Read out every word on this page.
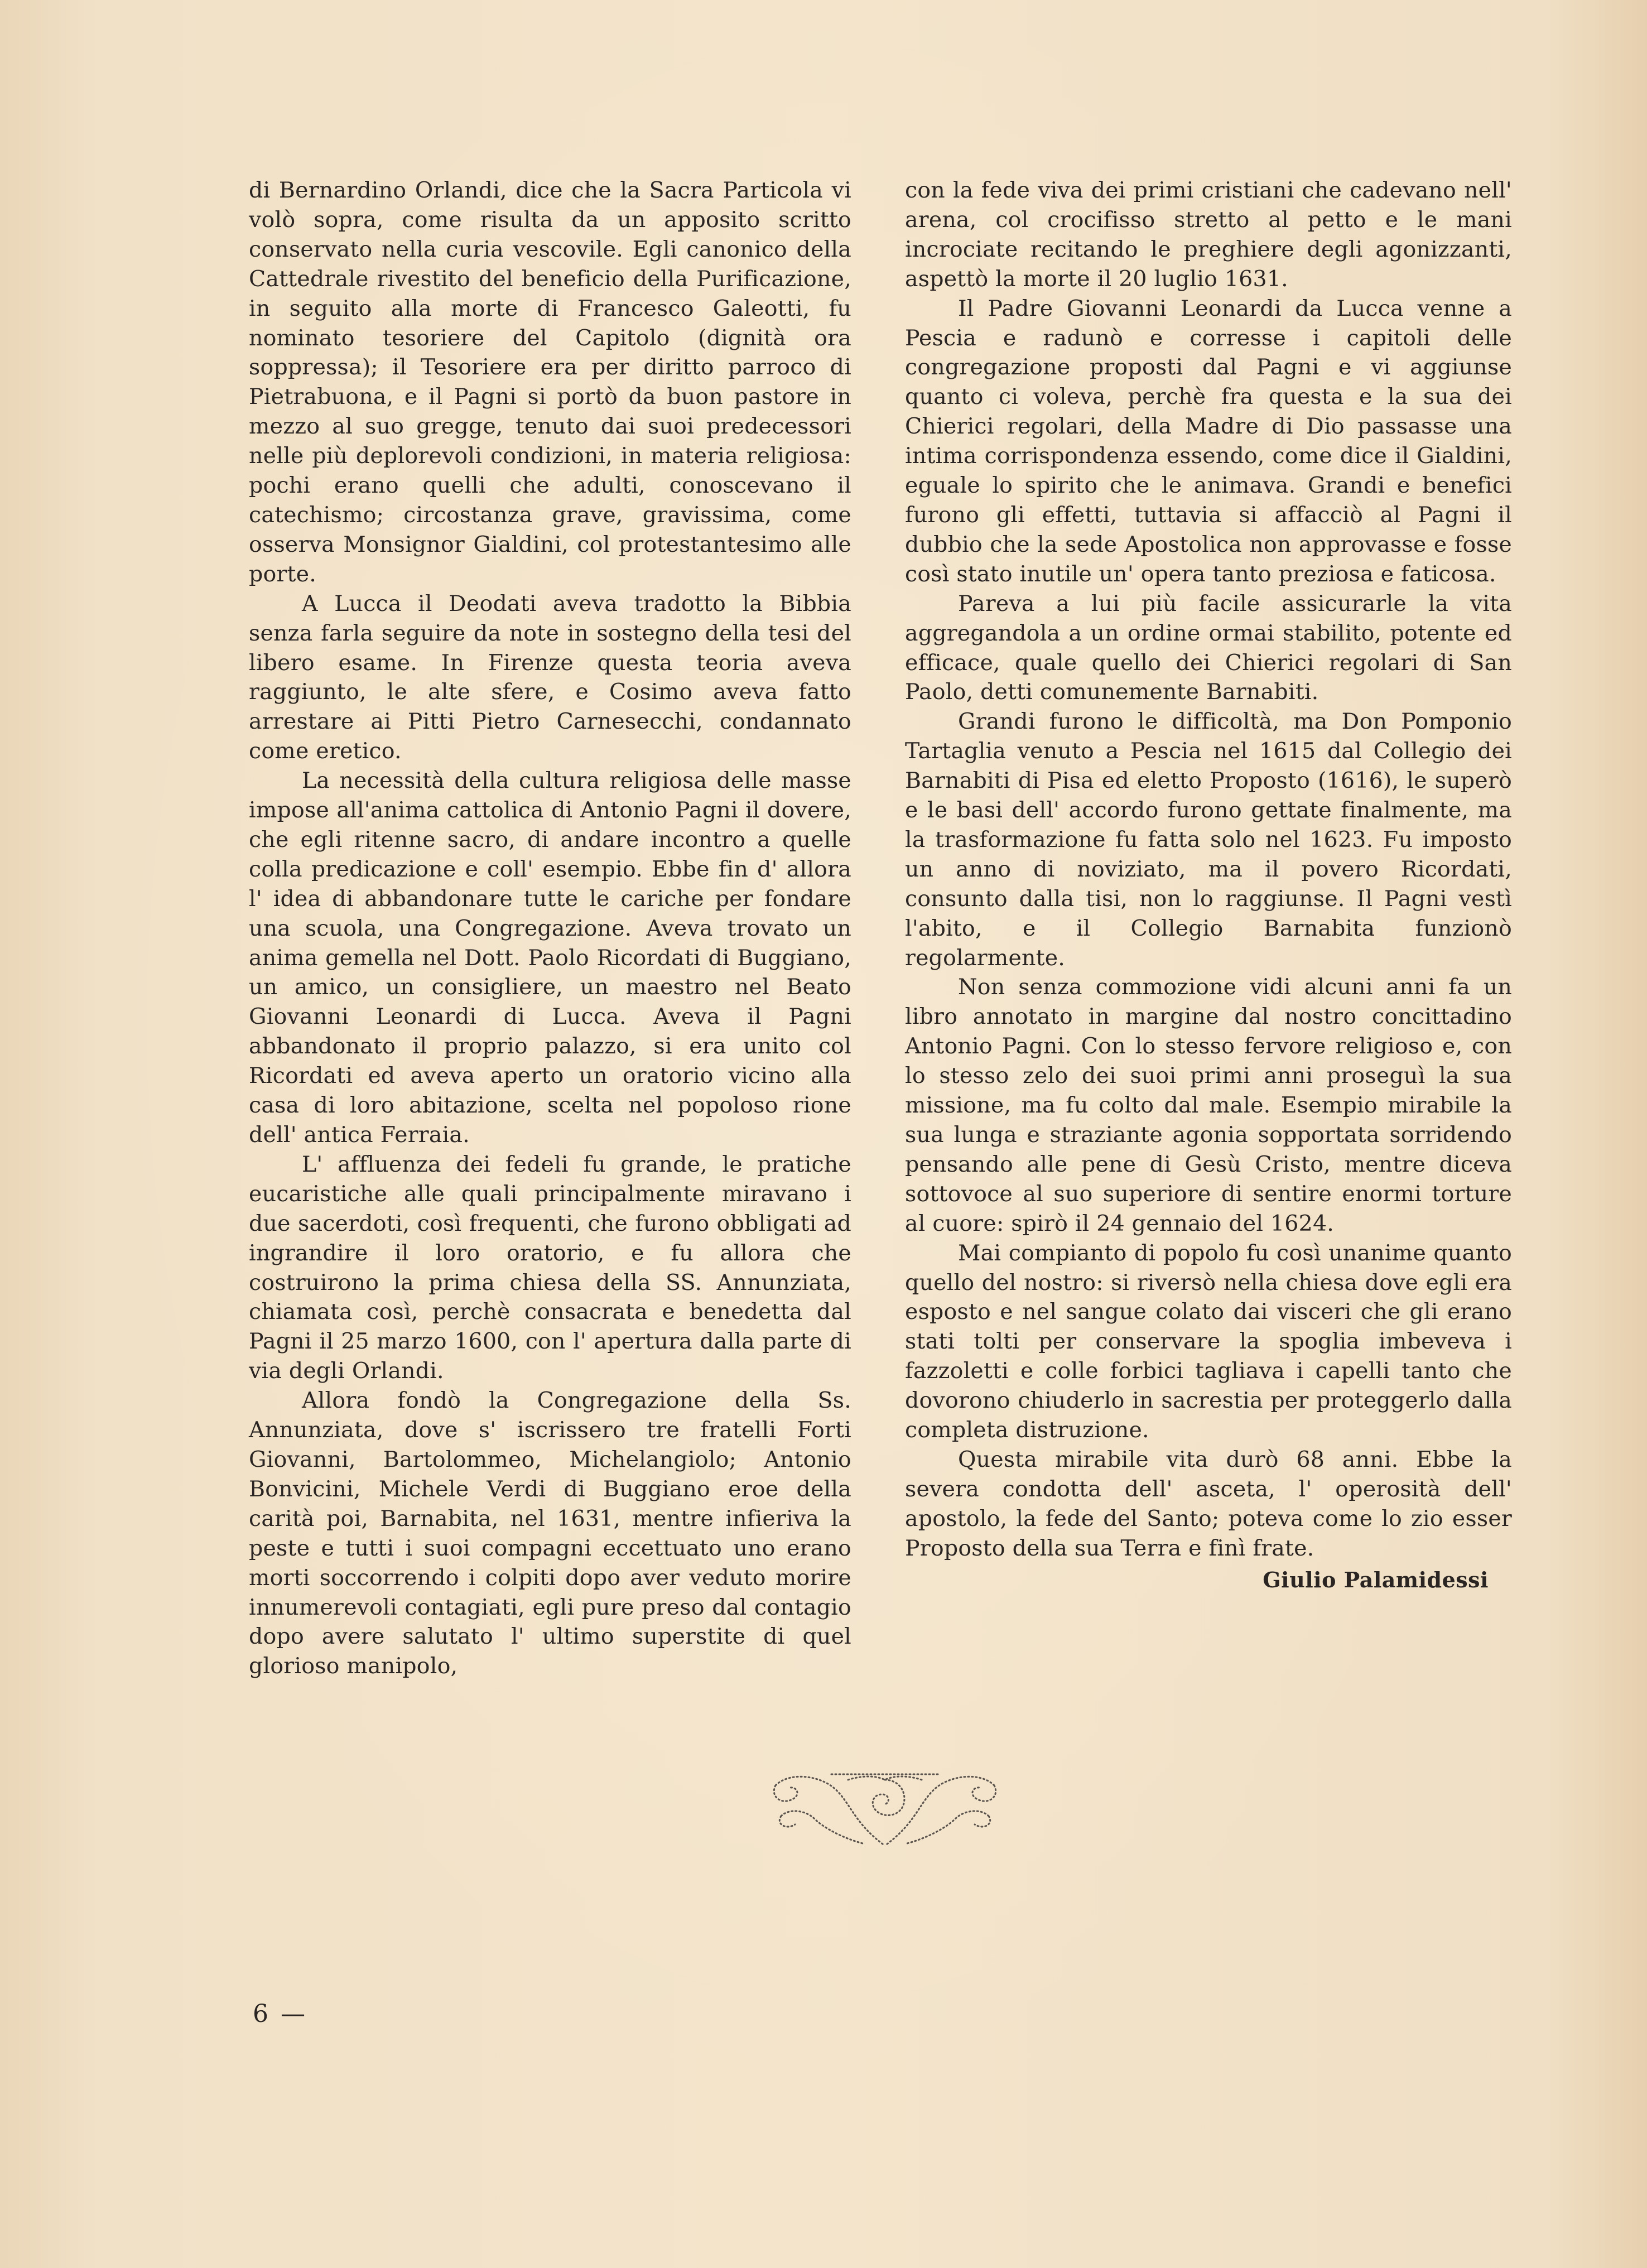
di Bernardino Orlandi, dice che la Sacra Particola vi volò sopra, come risulta da un apposito scritto conservato nella curia vescovile. Egli canonico della Cattedrale rivestito del beneficio della Purificazione, in seguito alla morte di Francesco Galeotti, fu nominato tesoriere del Capitolo (dignità ora soppressa); il Tesoriere era per diritto parroco di Pietrabuona, e il Pagni si portò da buon pastore in mezzo al suo gregge, tenuto dai suoi predecessori nelle più deplorevoli condizioni, in materia religiosa: pochi erano quelli che adulti, conoscevano il catechismo; circostanza grave, gravissima, come osserva Monsignor Gialdini, col protestantesimo alle porte.

A Lucca il Deodati aveva tradotto la Bibbia senza farla seguire da note in sostegno della tesi del libero esame. In Firenze questa teoria aveva raggiunto, le alte sfere, e Cosimo aveva fatto arrestare ai Pitti Pietro Carnesecchi, condannato come eretico.

La necessità della cultura religiosa delle masse impose all'anima cattolica di Antonio Pagni il dovere, che egli ritenne sacro, di andare incontro a quelle colla predicazione e coll' esempio. Ebbe fin d' allora l' idea di abbandonare tutte le cariche per fondare una scuola, una Congregazione. Aveva trovato un anima gemella nel Dott. Paolo Ricordati di Buggiano, un amico, un consigliere, un maestro nel Beato Giovanni Leonardi di Lucca. Aveva il Pagni abbandonato il proprio palazzo, si era unito col Ricordati ed aveva aperto un oratorio vicino alla casa di loro abitazione, scelta nel popoloso rione dell' antica Ferraia.

L' affluenza dei fedeli fu grande, le pratiche eucaristiche alle quali principalmente miravano i due sacerdoti, così frequenti, che furono obbligati ad ingrandire il loro oratorio, e fu allora che costruirono la prima chiesa della SS. Annunziata, chiamata così, perchè consacrata e benedetta dal Pagni il 25 marzo 1600, con l' apertura dalla parte di via degli Orlandi.

Allora fondò la Congregazione della Ss. Annunziata, dove s' iscrissero tre fratelli Forti Giovanni, Bartolommeo, Michelangiolo; Antonio Bonvicini, Michele Verdi di Buggiano eroe della carità poi, Barnabita, nel 1631, mentre infieriva la peste e tutti i suoi compagni eccettuato uno erano morti soccorrendo i colpiti dopo aver veduto morire innumerevoli contagiati, egli pure preso dal contagio dopo avere salutato l' ultimo superstite di quel glorioso manipolo,

con la fede viva dei primi cristiani che cadevano nell' arena, col crocifisso stretto al petto e le mani incrociate recitando le preghiere degli agonizzanti, aspettò la morte il 20 luglio 1631.

Il Padre Giovanni Leonardi da Lucca venne a Pescia e radunò e corresse i capitoli delle congregazione proposti dal Pagni e vi aggiunse quanto ci voleva, perchè fra questa e la sua dei Chierici regolari, della Madre di Dio passasse una intima corrispondenza essendo, come dice il Gialdini, eguale lo spirito che le animava. Grandi e benefici furono gli effetti, tuttavia si affacciò al Pagni il dubbio che la sede Apostolica non approvasse e fosse così stato inutile un' opera tanto preziosa e faticosa.

Pareva a lui più facile assicurarle la vita aggregandola a un ordine ormai stabilito, potente ed efficace, quale quello dei Chierici regolari di San Paolo, detti comunemente Barnabiti.

Grandi furono le difficoltà, ma Don Pomponio Tartaglia venuto a Pescia nel 1615 dal Collegio dei Barnabiti di Pisa ed eletto Proposto (1616), le superò e le basi dell' accordo furono gettate finalmente, ma la trasformazione fu fatta solo nel 1623. Fu imposto un anno di noviziato, ma il povero Ricordati, consunto dalla tisi, non lo raggiunse. Il Pagni vestì l'abito, e il Collegio Barnabita funzionò regolarmente.

Non senza commozione vidi alcuni anni fa un libro annotato in margine dal nostro concittadino Antonio Pagni. Con lo stesso fervore religioso e, con lo stesso zelo dei suoi primi anni proseguì la sua missione, ma fu colto dal male. Esempio mirabile la sua lunga e straziante agonia sopportata sorridendo pensando alle pene di Gesù Cristo, mentre diceva sottovoce al suo superiore di sentire enormi torture al cuore: spirò il 24 gennaio del 1624.

Mai compianto di popolo fu così unanime quanto quello del nostro: si riversò nella chiesa dove egli era esposto e nel sangue colato dai visceri che gli erano stati tolti per conservare la spoglia imbeveva i fazzoletti e colle forbici tagliava i capelli tanto che dovorono chiuderlo in sacrestia per proteggerlo dalla completa distruzione.

Questa mirabile vita durò 68 anni. Ebbe la severa condotta dell' asceta, l' operosità dell' apostolo, la fede del Santo; poteva come lo zio esser Proposto della sua Terra e finì frate.

Giulio Palamidessi
6 —
